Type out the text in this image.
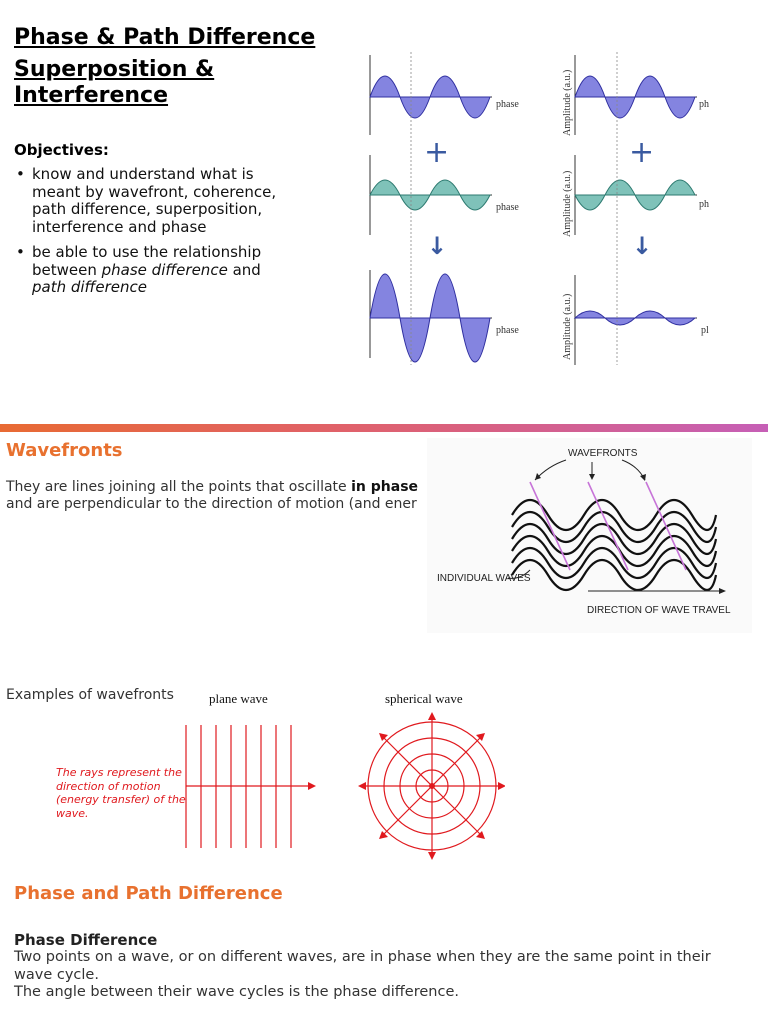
Phase & Path Difference
Superposition &
Interference
Objectives:
• know and understand what is meant by wavefront, coherence, path difference, superposition, interference and phase
• be able to use the relationship between phase difference and path difference
phase
phase
phase
+
↓
Amplitude (a.u.)	ph
Amplitude (a.u.)	ph
Amplitude (a.u.)	pl
+
↓
Wavefronts
They are lines joining all the points that oscillate in phase
and are perpendicular to the direction of motion (and ener
WAVEFRONTS
INDIVIDUAL WAVES
DIRECTION OF WAVE TRAVEL
Examples of wavefronts	plane wave	spherical wave
The rays represent the direction of motion (energy transfer) of the wave.
Phase and Path Difference
Phase Difference
Two points on a wave, or on different waves, are in phase when they are the same point in their wave cycle.
The angle between their wave cycles is the phase difference.
